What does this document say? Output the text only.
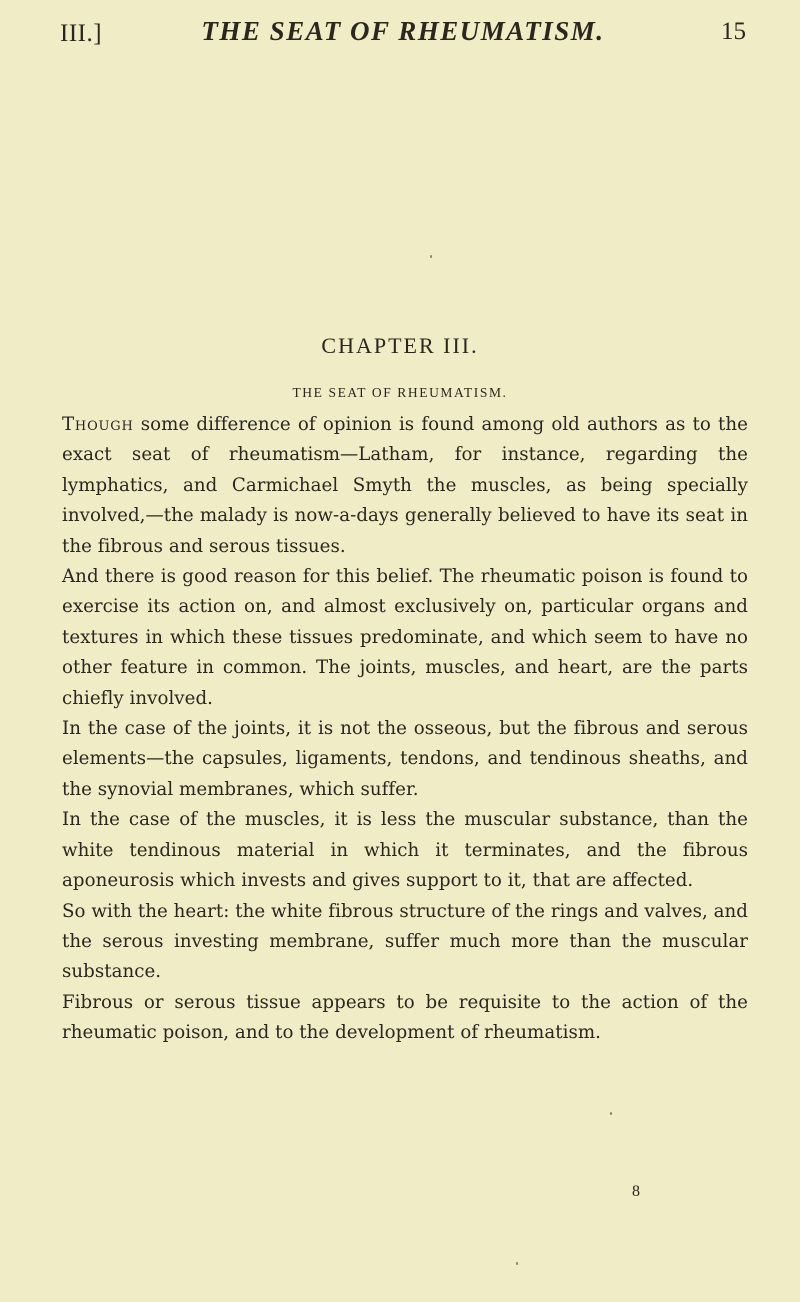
III.]	THE SEAT OF RHEUMATISM.	15
CHAPTER III.
THE SEAT OF RHEUMATISM.

Though some difference of opinion is found among old authors as to the exact seat of rheumatism—Latham, for instance, regarding the lymphatics, and Carmichael Smyth the muscles, as being specially involved,—the malady is now-a-days generally believed to have its seat in the fibrous and serous tissues.

And there is good reason for this belief. The rheumatic poison is found to exercise its action on, and almost exclusively on, particular organs and textures in which these tissues predominate, and which seem to have no other feature in common. The joints, muscles, and heart, are the parts chiefly involved.

In the case of the joints, it is not the osseous, but the fibrous and serous elements—the capsules, ligaments, tendons, and tendinous sheaths, and the synovial membranes, which suffer.

In the case of the muscles, it is less the muscular substance, than the white tendinous material in which it terminates, and the fibrous aponeurosis which invests and gives support to it, that are affected.

So with the heart: the white fibrous structure of the rings and valves, and the serous investing membrane, suffer much more than the muscular substance.

Fibrous or serous tissue appears to be requisite to the action of the rheumatic poison, and to the development of rheumatism.

8
